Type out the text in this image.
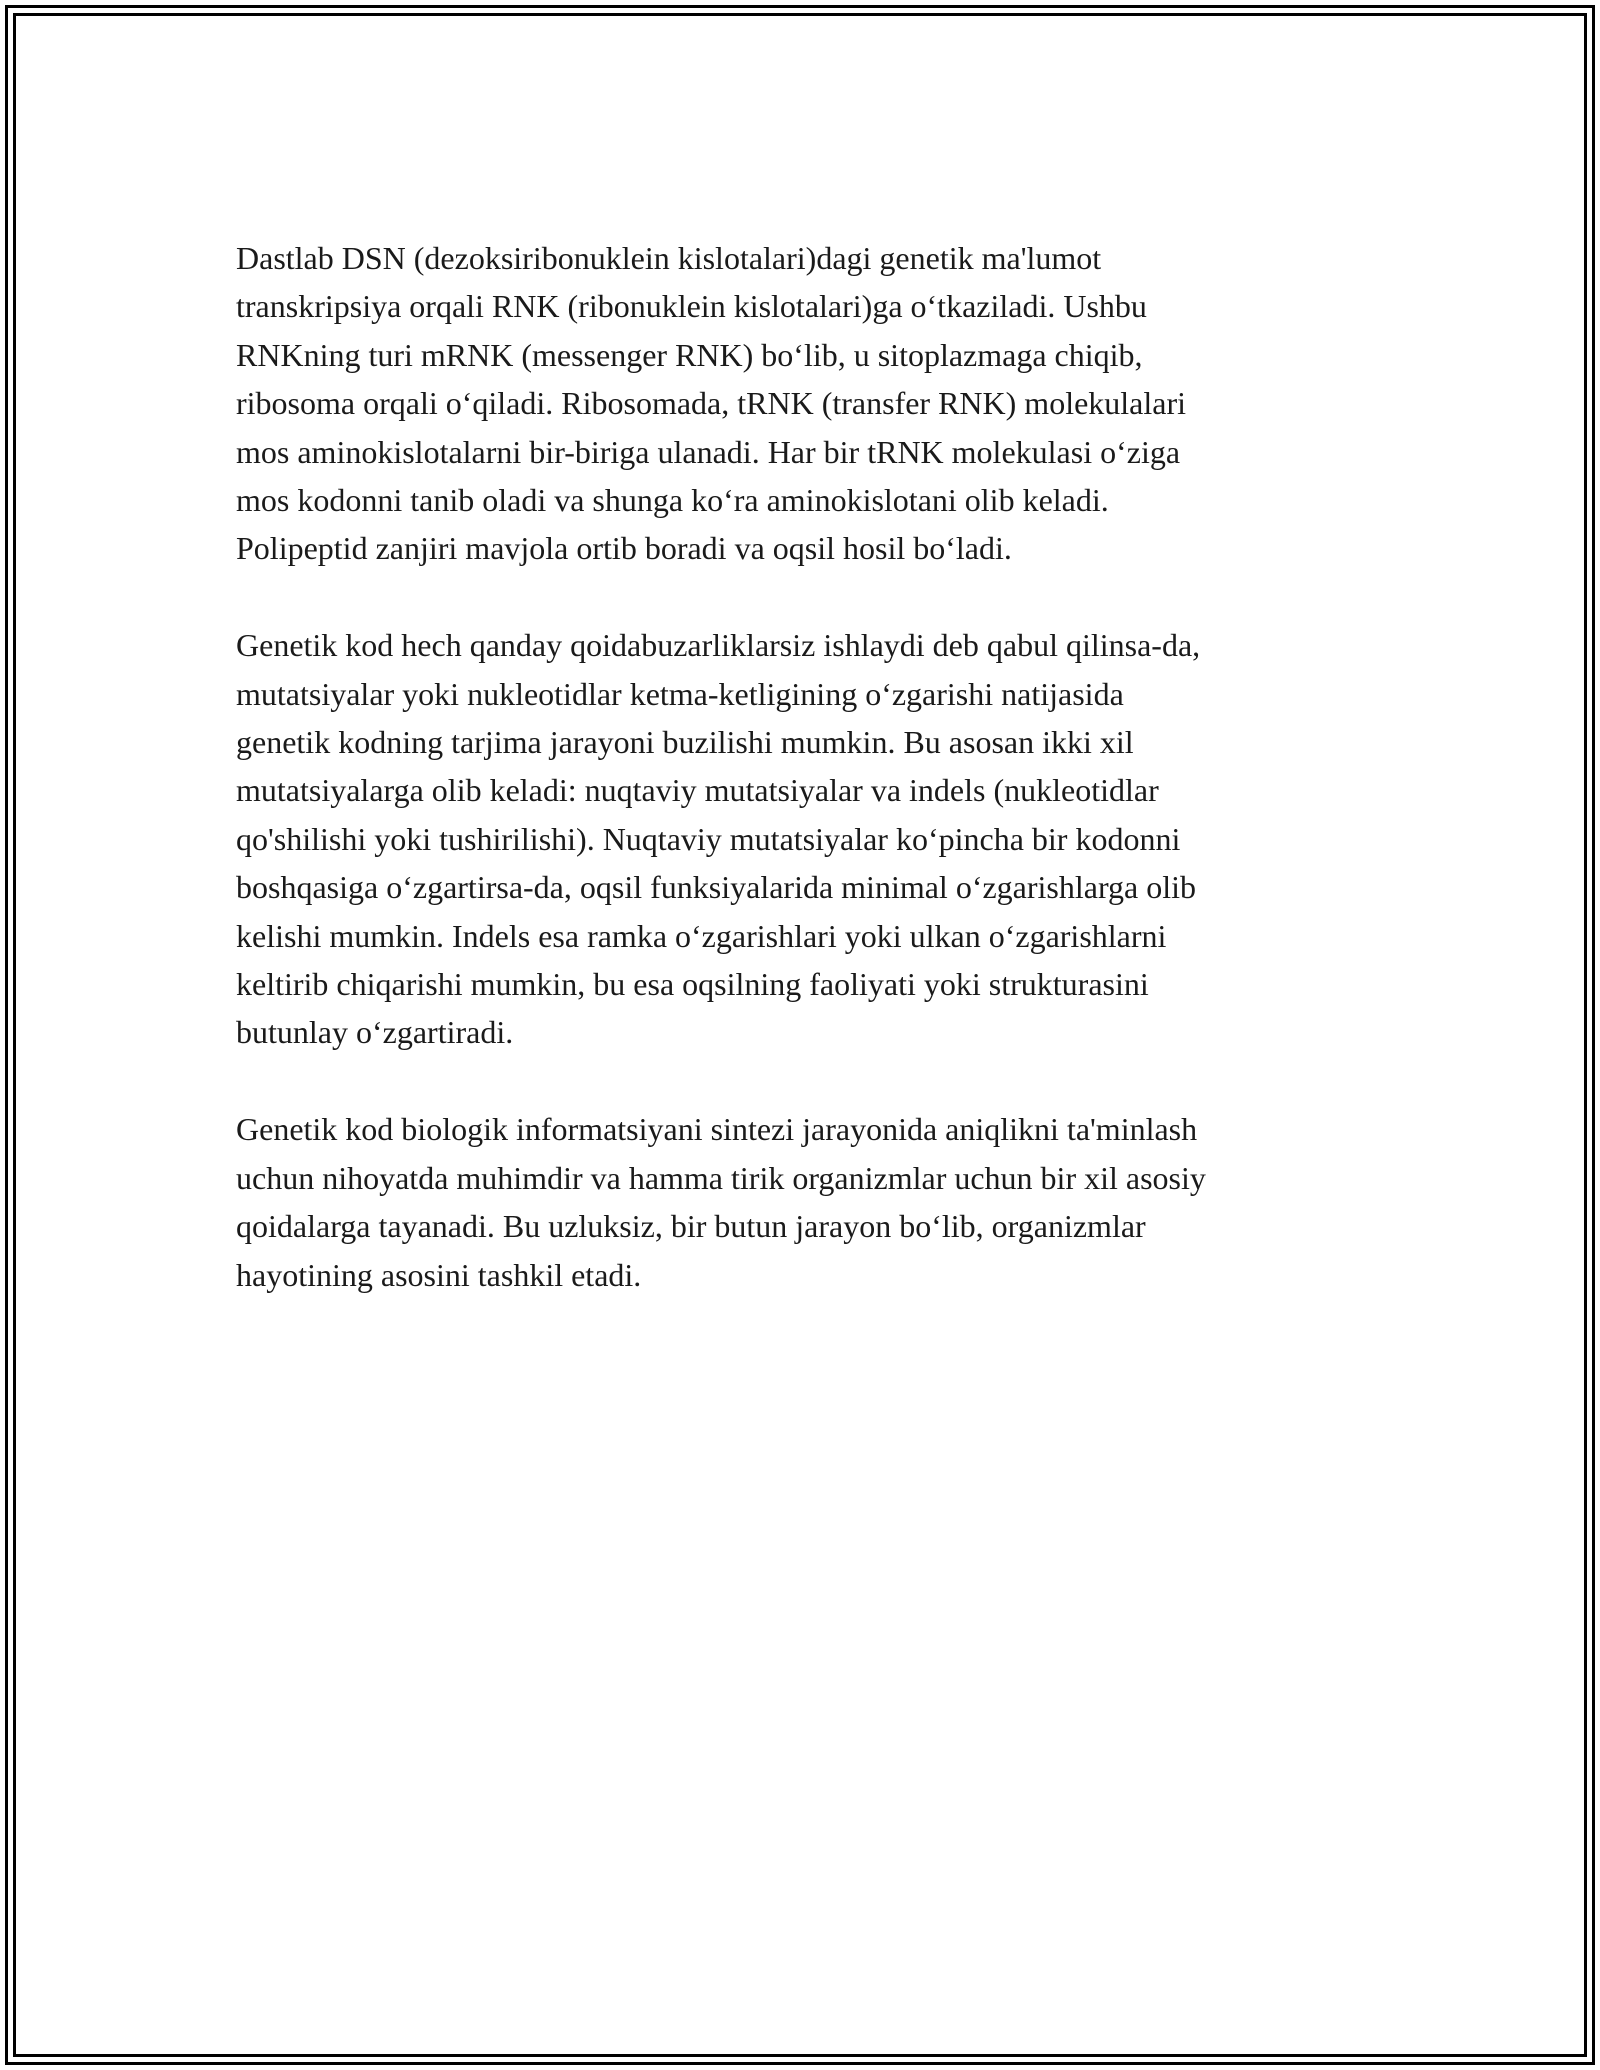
Dastlab DSN (dezoksiribonuklein kislotalari)dagi genetik ma'lumot
transkripsiya orqali RNK (ribonuklein kislotalari)ga o‘tkaziladi. Ushbu
RNKning turi mRNK (messenger RNK) bo‘lib, u sitoplazmaga chiqib,
ribosoma orqali o‘qiladi. Ribosomada, tRNK (transfer RNK) molekulalari
mos aminokislotalarni bir-biriga ulanadi. Har bir tRNK molekulasi o‘ziga
mos kodonni tanib oladi va shunga ko‘ra aminokislotani olib keladi.
Polipeptid zanjiri mavjola ortib boradi va oqsil hosil bo‘ladi.

Genetik kod hech qanday qoidabuzarliklarsiz ishlaydi deb qabul qilinsa-da,
mutatsiyalar yoki nukleotidlar ketma-ketligining o‘zgarishi natijasida
genetik kodning tarjima jarayoni buzilishi mumkin. Bu asosan ikki xil
mutatsiyalarga olib keladi: nuqtaviy mutatsiyalar va indels (nukleotidlar
qo'shilishi yoki tushirilishi). Nuqtaviy mutatsiyalar ko‘pincha bir kodonni
boshqasiga o‘zgartirsa-da, oqsil funksiyalarida minimal o‘zgarishlarga olib
kelishi mumkin. Indels esa ramka o‘zgarishlari yoki ulkan o‘zgarishlarni
keltirib chiqarishi mumkin, bu esa oqsilning faoliyati yoki strukturasini
butunlay o‘zgartiradi.

Genetik kod biologik informatsiyani sintezi jarayonida aniqlikni ta'minlash
uchun nihoyatda muhimdir va hamma tirik organizmlar uchun bir xil asosiy
qoidalarga tayanadi. Bu uzluksiz, bir butun jarayon bo‘lib, organizmlar
hayotining asosini tashkil etadi.
